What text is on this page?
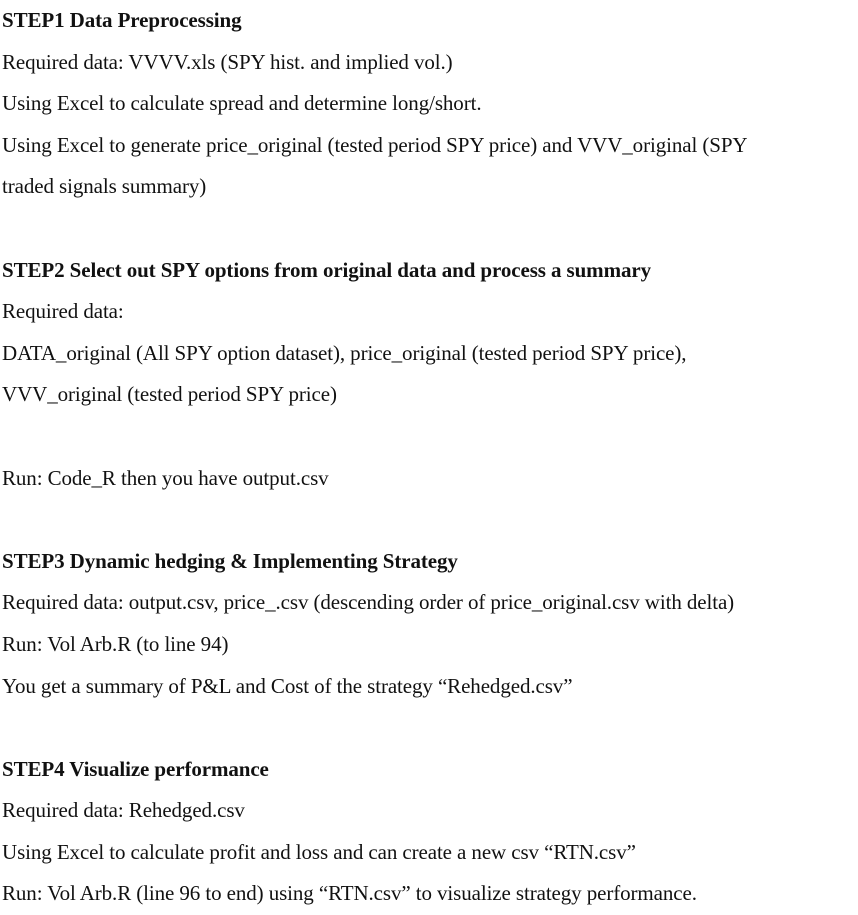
STEP1 Data Preprocessing
Required data: VVVV.xls (SPY hist. and implied vol.)
Using Excel to calculate spread and determine long/short.
Using Excel to generate price_original (tested period SPY price) and VVV_original (SPY
traded signals summary)
STEP2 Select out SPY options from original data and process a summary
Required data:
DATA_original (All SPY option dataset), price_original (tested period SPY price),
VVV_original (tested period SPY price)
Run: Code_R then you have output.csv
STEP3 Dynamic hedging & Implementing Strategy
Required data: output.csv, price_.csv (descending order of price_original.csv with delta)
Run: Vol Arb.R (to line 94)
You get a summary of P&L and Cost of the strategy “Rehedged.csv”
STEP4 Visualize performance
Required data: Rehedged.csv
Using Excel to calculate profit and loss and can create a new csv “RTN.csv”
Run: Vol Arb.R (line 96 to end) using “RTN.csv” to visualize strategy performance.
